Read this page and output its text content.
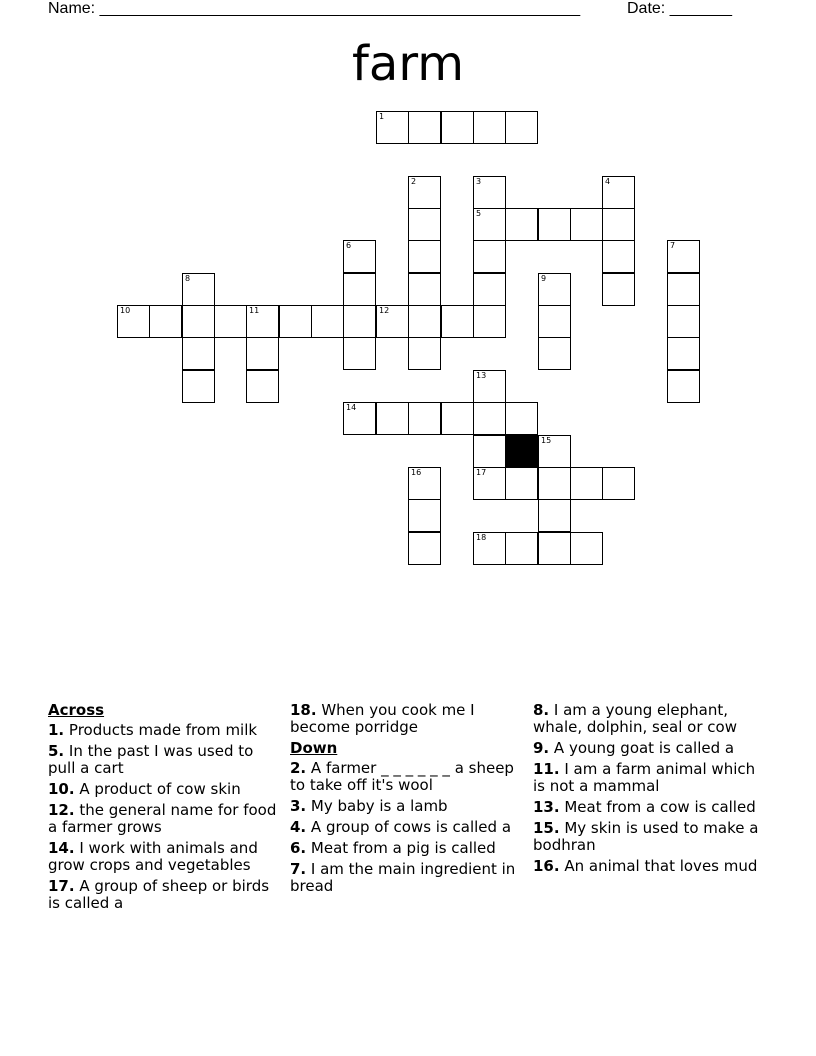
Name: ______________________________________________________	Date: _______
farm
1
2	3	4
5
6	7
8	9
10	11	12
13
14
15
16	17
18
Across
1. Products made from milk
5. In the past I was used to pull a cart
10. A product of cow skin
12. the general name for food a farmer grows
14. I work with animals and grow crops and vegetables
17. A group of sheep or birds is called a
18. When you cook me I become porridge
Down
2. A farmer _ _ _ _ _ _ a sheep to take off it's wool
3. My baby is a lamb
4. A group of cows is called a
6. Meat from a pig is called
7. I am the main ingredient in bread
8. I am a young elephant, whale, dolphin, seal or cow
9. A young goat is called a
11. I am a farm animal which is not a mammal
13. Meat from a cow is called
15. My skin is used to make a bodhran
16. An animal that loves mud
